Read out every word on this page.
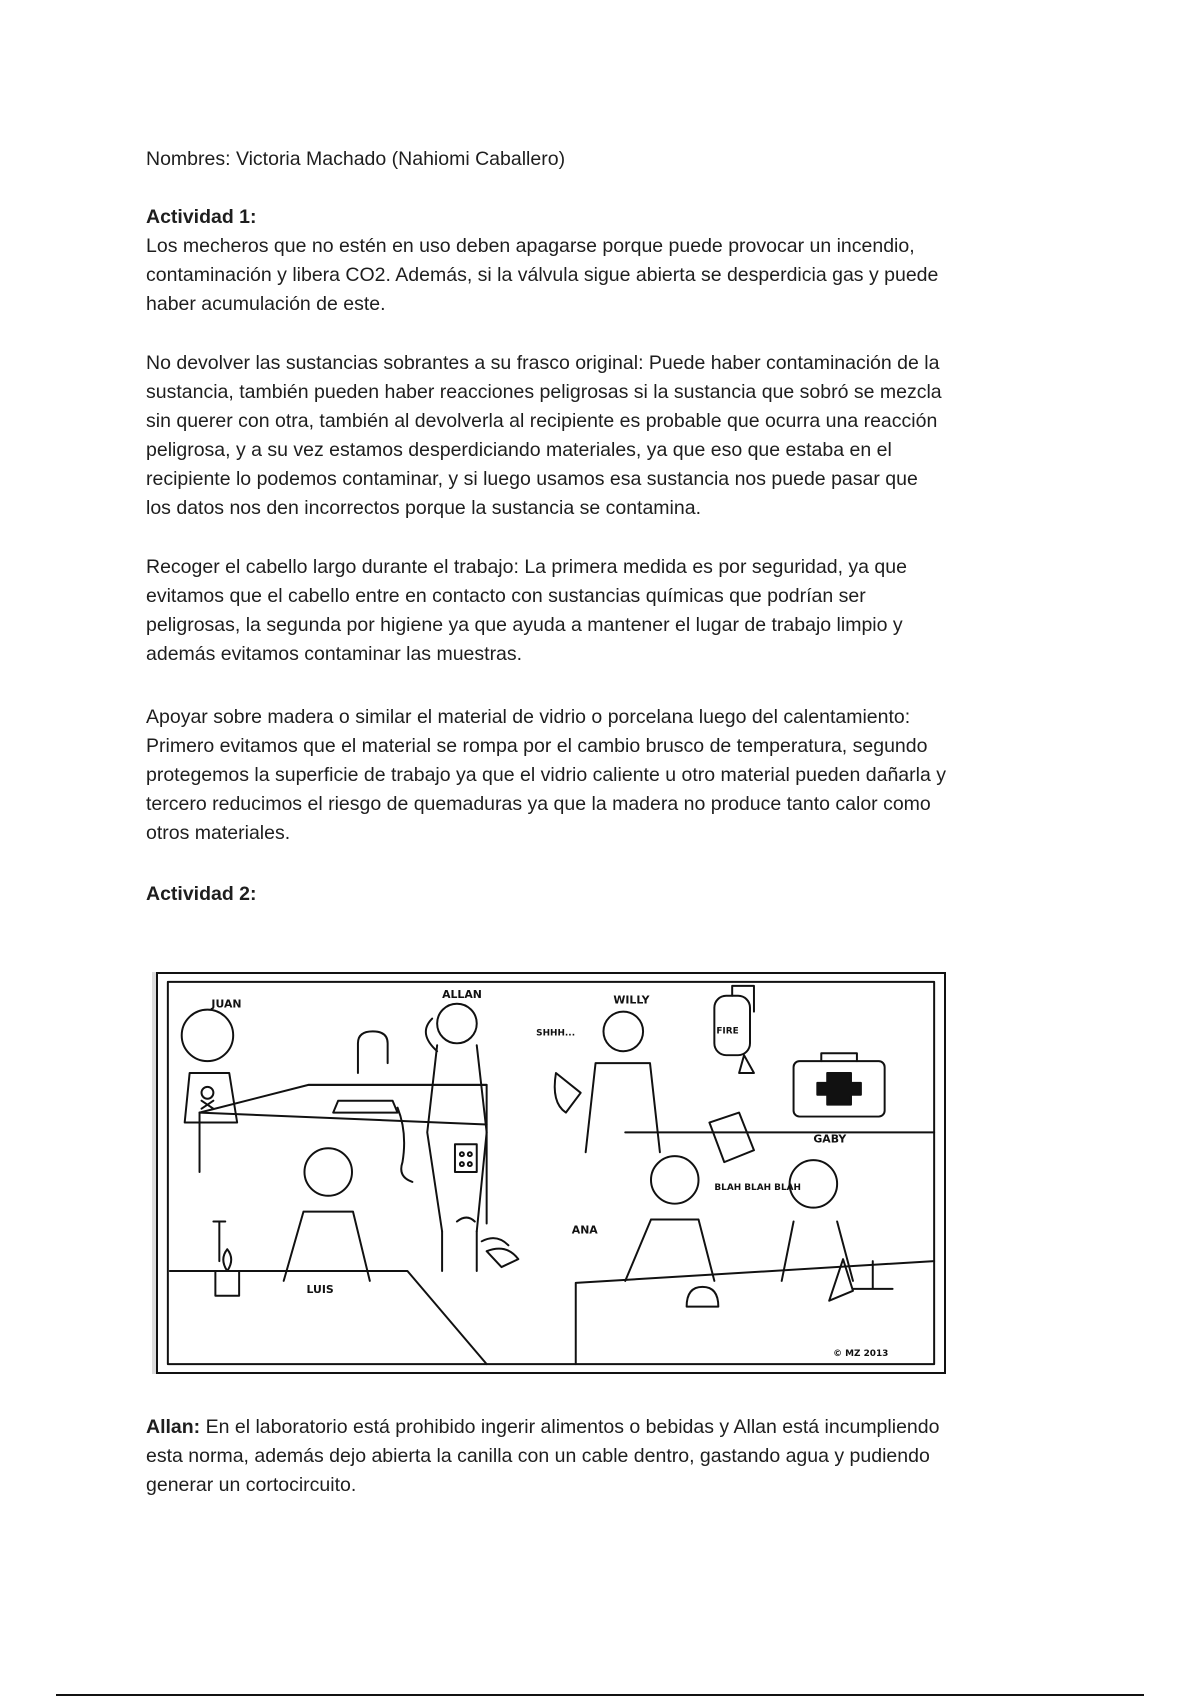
Nombres: Victoria Machado (Nahiomi Caballero)
Actividad 1:
Los mecheros que no estén en uso deben apagarse porque puede provocar un incendio,
contaminación y libera CO2. Además, si la válvula sigue abierta se desperdicia gas y puede
haber acumulación de este.
No devolver las sustancias sobrantes a su frasco original: Puede haber contaminación de la
sustancia, también pueden haber reacciones peligrosas si la sustancia que sobró se mezcla
sin querer con otra, también al devolverla al recipiente es probable que ocurra una reacción
peligrosa, y a su vez estamos desperdiciando materiales, ya que eso que estaba en el
recipiente lo podemos contaminar, y si luego usamos esa sustancia nos puede pasar que
los datos nos den incorrectos porque la sustancia se contamina.
Recoger el cabello largo durante el trabajo: La primera medida es por seguridad, ya que
evitamos que el cabello entre en contacto con sustancias químicas que podrían ser
peligrosas, la segunda por higiene ya que ayuda a mantener el lugar de trabajo limpio y
además evitamos contaminar las muestras.
Apoyar sobre madera o similar el material de vidrio o porcelana luego del calentamiento:
Primero evitamos que el material se rompa por el cambio brusco de temperatura, segundo
protegemos la superficie de trabajo ya que el vidrio caliente u otro material pueden dañarla y
tercero reducimos el riesgo de quemaduras ya que la madera no produce tanto calor como
otros materiales.
Actividad 2:
JUAN
ALLAN	WILLY
SHHH...	FIRE
GABY
BLAH BLAH BLAH
ANA
LUIS
© MZ 2013
Allan: En el laboratorio está prohibido ingerir alimentos o bebidas y Allan está incumpliendo
esta norma, además dejo abierta la canilla con un cable dentro, gastando agua y pudiendo
generar un cortocircuito.
